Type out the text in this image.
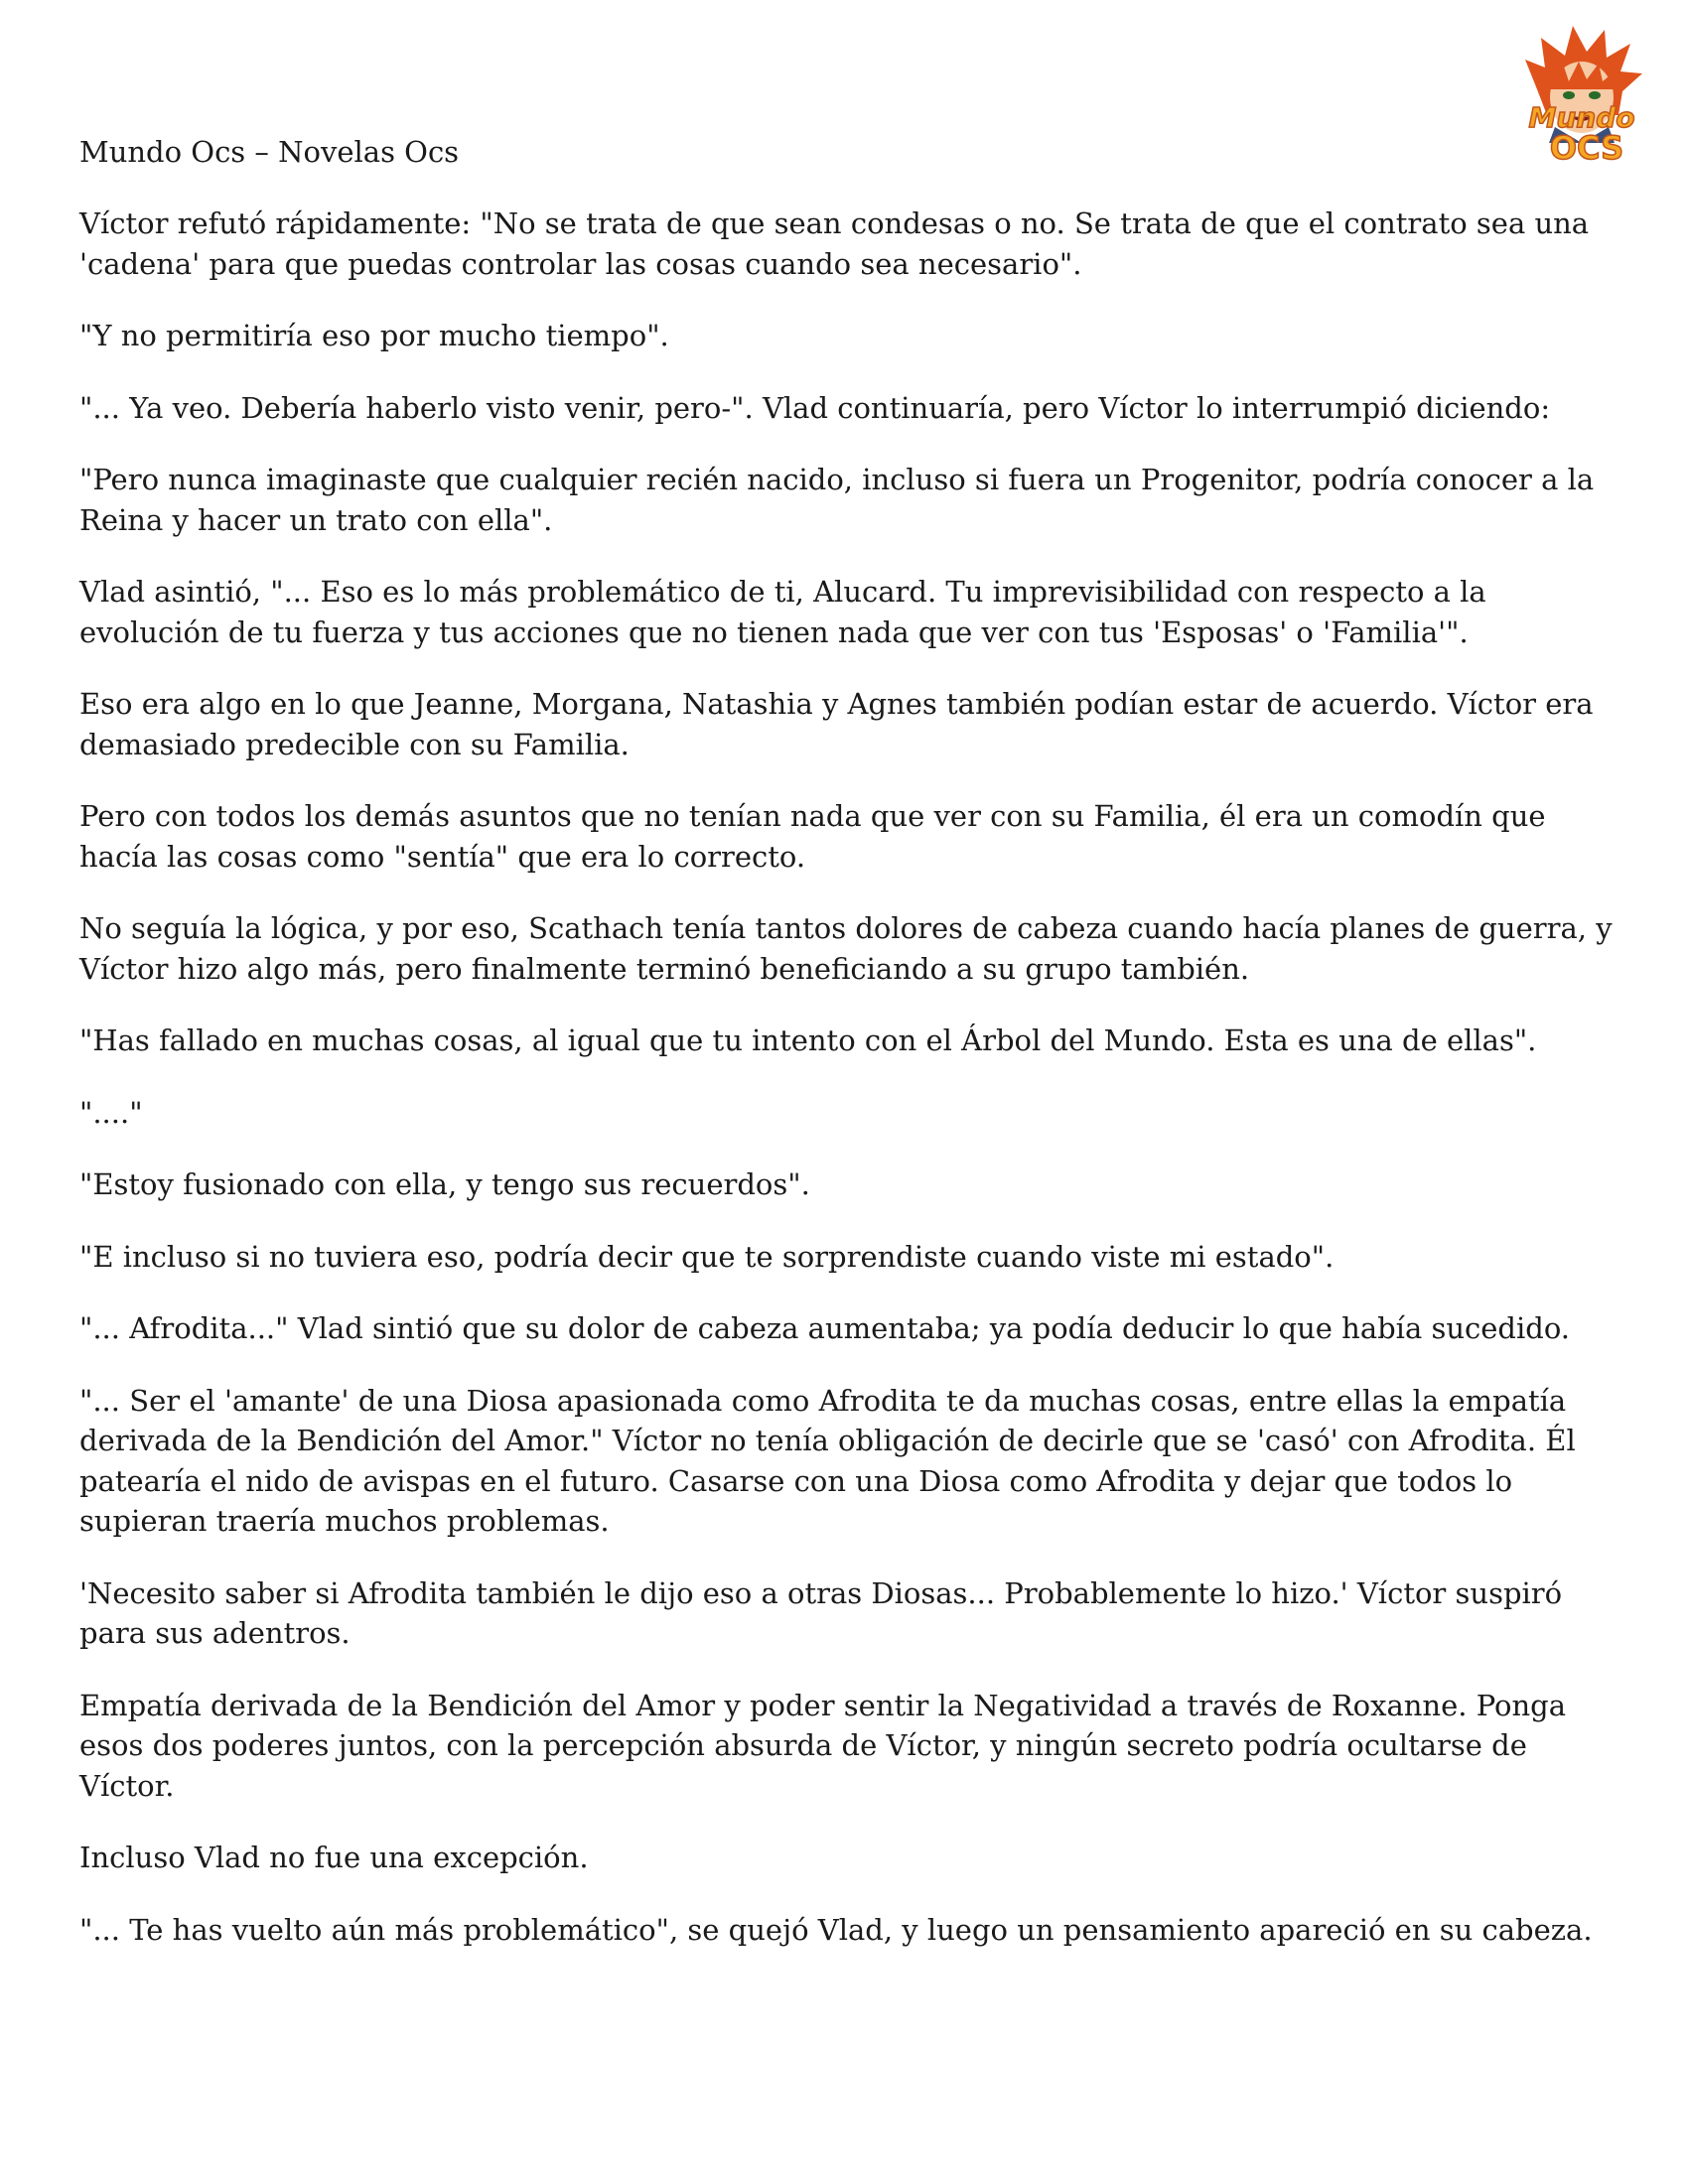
Mundo Ocs – Novelas Ocs
Mundo
OCS

Víctor refutó rápidamente: "No se trata de que sean condesas o no. Se trata de que el contrato sea una 'cadena' para que puedas controlar las cosas cuando sea necesario".

"Y no permitiría eso por mucho tiempo".

"... Ya veo. Debería haberlo visto venir, pero-". Vlad continuaría, pero Víctor lo interrumpió diciendo:

"Pero nunca imaginaste que cualquier recién nacido, incluso si fuera un Progenitor, podría conocer a la Reina y hacer un trato con ella".

Vlad asintió, "... Eso es lo más problemático de ti, Alucard. Tu imprevisibilidad con respecto a la evolución de tu fuerza y tus acciones que no tienen nada que ver con tus 'Esposas' o 'Familia'".

Eso era algo en lo que Jeanne, Morgana, Natashia y Agnes también podían estar de acuerdo. Víctor era demasiado predecible con su Familia.

Pero con todos los demás asuntos que no tenían nada que ver con su Familia, él era un comodín que hacía las cosas como "sentía" que era lo correcto.

No seguía la lógica, y por eso, Scathach tenía tantos dolores de cabeza cuando hacía planes de guerra, y Víctor hizo algo más, pero finalmente terminó beneficiando a su grupo también.

"Has fallado en muchas cosas, al igual que tu intento con el Árbol del Mundo. Esta es una de ellas".

"...."

"Estoy fusionado con ella, y tengo sus recuerdos".

"E incluso si no tuviera eso, podría decir que te sorprendiste cuando viste mi estado".

"... Afrodita..." Vlad sintió que su dolor de cabeza aumentaba; ya podía deducir lo que había sucedido.

"... Ser el 'amante' de una Diosa apasionada como Afrodita te da muchas cosas, entre ellas la empatía derivada de la Bendición del Amor." Víctor no tenía obligación de decirle que se 'casó' con Afrodita. Él patearía el nido de avispas en el futuro. Casarse con una Diosa como Afrodita y dejar que todos lo supieran traería muchos problemas.

'Necesito saber si Afrodita también le dijo eso a otras Diosas... Probablemente lo hizo.' Víctor suspiró para sus adentros.

Empatía derivada de la Bendición del Amor y poder sentir la Negatividad a través de Roxanne. Ponga esos dos poderes juntos, con la percepción absurda de Víctor, y ningún secreto podría ocultarse de Víctor.

Incluso Vlad no fue una excepción.

"... Te has vuelto aún más problemático", se quejó Vlad, y luego un pensamiento apareció en su cabeza.
